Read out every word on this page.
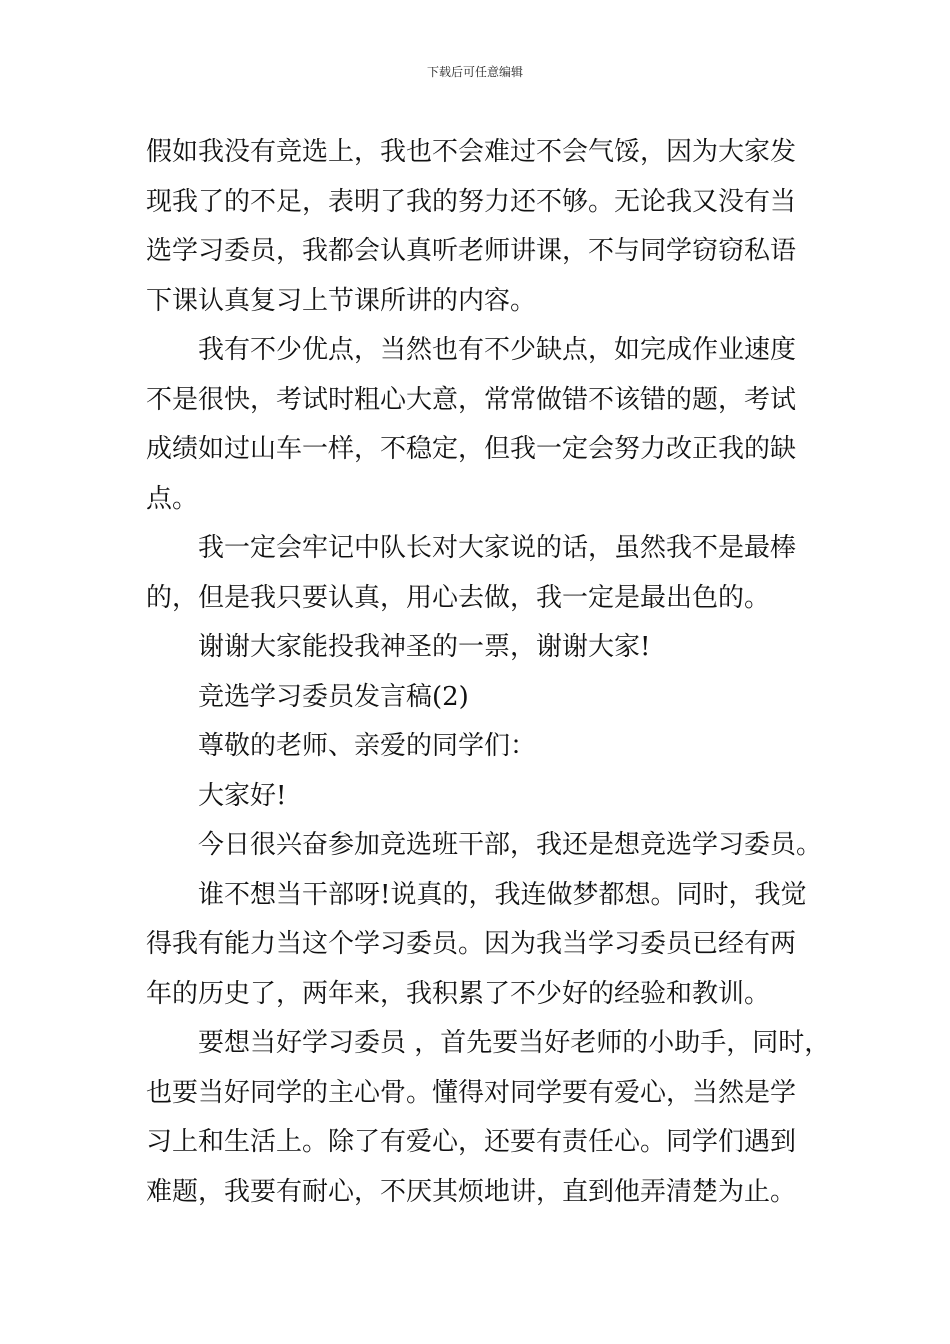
下载后可任意编辑
假如我没有竞选上，我也不会难过不会气馁，因为大家发
现我了的不足，表明了我的努力还不够。无论我又没有当
选学习委员，我都会认真听老师讲课，不与同学窃窃私语
下课认真复习上节课所讲的内容。
我有不少优点，当然也有不少缺点，如完成作业速度
不是很快，考试时粗心大意，常常做错不该错的题，考试
成绩如过山车一样，不稳定，但我一定会努力改正我的缺
点。
我一定会牢记中队长对大家说的话，虽然我不是最棒
的，但是我只要认真，用心去做，我一定是最出色的。
谢谢大家能投我神圣的一票，谢谢大家!
竞选学习委员发言稿(2)
尊敬的老师、亲爱的同学们：
大家好!
今日很兴奋参加竞选班干部，我还是想竞选学习委员。
谁不想当干部呀!说真的，我连做梦都想。同时，我觉
得我有能力当这个学习委员。因为我当学习委员已经有两
年的历史了，两年来，我积累了不少好的经验和教训。
要想当好学习委员 ，首先要当好老师的小助手，同时，
也要当好同学的主心骨。懂得对同学要有爱心，当然是学
习上和生活上。除了有爱心，还要有责任心。同学们遇到
难题，我要有耐心，不厌其烦地讲，直到他弄清楚为止。
